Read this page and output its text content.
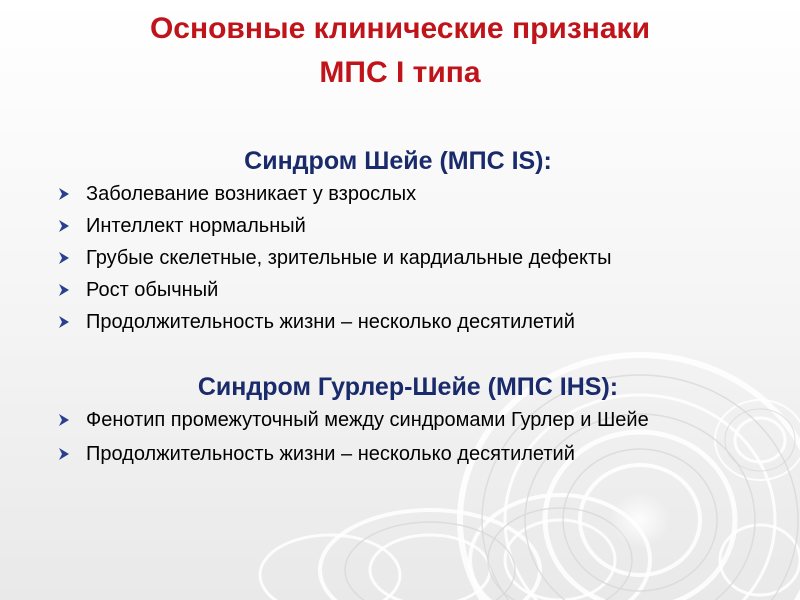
Основные клинические признаки
МПС I типа
Синдром Шейе (МПС IS):
Заболевание возникает у взрослых
Интеллект нормальный
Грубые скелетные, зрительные и кардиальные дефекты
Рост обычный
Продолжительность жизни – несколько десятилетий
Синдром Гурлер-Шейе (МПС IHS):
Фенотип промежуточный между синдромами Гурлер и Шейе
Продолжительность жизни – несколько десятилетий
